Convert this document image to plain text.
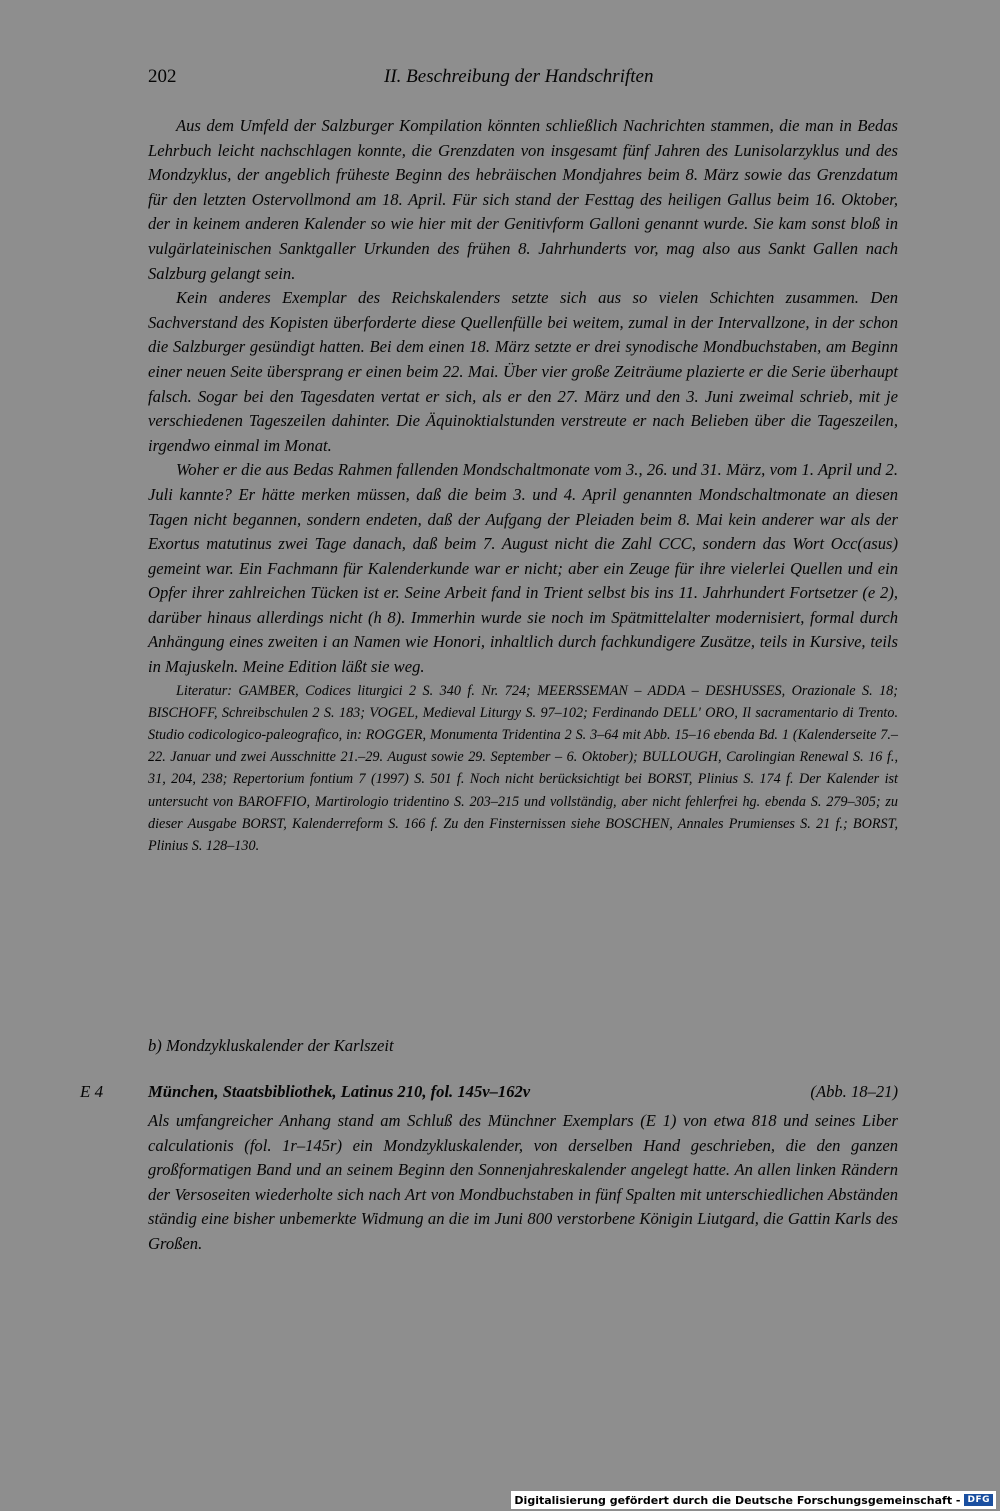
202	II. Beschreibung der Handschriften

Aus dem Umfeld der Salzburger Kompilation könnten schließlich Nachrichten stammen, die man in Bedas Lehrbuch leicht nachschlagen konnte, die Grenzdaten von insgesamt fünf Jahren des Lunisolarzyklus und des Mondzyklus, der angeblich früheste Beginn des hebräischen Mondjahres beim 8. März sowie das Grenzdatum für den letzten Ostervollmond am 18. April. Für sich stand der Festtag des heiligen Gallus beim 16. Oktober, der in keinem anderen Kalender so wie hier mit der Genitivform Galloni genannt wurde. Sie kam sonst bloß in vulgärlateinischen Sanktgaller Urkunden des frühen 8. Jahrhunderts vor, mag also aus Sankt Gallen nach Salzburg gelangt sein.

Kein anderes Exemplar des Reichskalenders setzte sich aus so vielen Schichten zusammen. Den Sachverstand des Kopisten überforderte diese Quellenfülle bei weitem, zumal in der Intervallzone, in der schon die Salzburger gesündigt hatten. Bei dem einen 18. März setzte er drei synodische Mondbuchstaben, am Beginn einer neuen Seite übersprang er einen beim 22. Mai. Über vier große Zeiträume plazierte er die Serie überhaupt falsch. Sogar bei den Tagesdaten vertat er sich, als er den 27. März und den 3. Juni zweimal schrieb, mit je verschiedenen Tageszeilen dahinter. Die Äquinoktialstunden verstreute er nach Belieben über die Tageszeilen, irgendwo einmal im Monat.

Woher er die aus Bedas Rahmen fallenden Mondschaltmonate vom 3., 26. und 31. März, vom 1. April und 2. Juli kannte? Er hätte merken müssen, daß die beim 3. und 4. April genannten Mondschaltmonate an diesen Tagen nicht begannen, sondern endeten, daß der Aufgang der Pleiaden beim 8. Mai kein anderer war als der Exortus matutinus zwei Tage danach, daß beim 7. August nicht die Zahl CCC, sondern das Wort Occ(asus) gemeint war. Ein Fachmann für Kalenderkunde war er nicht; aber ein Zeuge für ihre vielerlei Quellen und ein Opfer ihrer zahlreichen Tücken ist er. Seine Arbeit fand in Trient selbst bis ins 11. Jahrhundert Fortsetzer (e 2), darüber hinaus allerdings nicht (h 8). Immerhin wurde sie noch im Spätmittelalter modernisiert, formal durch Anhängung eines zweiten i an Namen wie Honori, inhaltlich durch fachkundigere Zusätze, teils in Kursive, teils in Majuskeln. Meine Edition läßt sie weg.

Literatur: GAMBER, Codices liturgici 2 S. 340 f. Nr. 724; MEERSSEMAN – ADDA – DESHUSSES, Orazionale S. 18; BISCHOFF, Schreibschulen 2 S. 183; VOGEL, Medieval Liturgy S. 97–102; Ferdinando DELL' ORO, Il sacramentario di Trento. Studio codicologico-paleografico, in: ROGGER, Monumenta Tridentina 2 S. 3–64 mit Abb. 15–16 ebenda Bd. 1 (Kalenderseite 7.–22. Januar und zwei Ausschnitte 21.–29. August sowie 29. September – 6. Oktober); BULLOUGH, Carolingian Renewal S. 16 f., 31, 204, 238; Repertorium fontium 7 (1997) S. 501 f. Noch nicht berücksichtigt bei BORST, Plinius S. 174 f. Der Kalender ist untersucht von BAROFFIO, Martirologio tridentino S. 203–215 und vollständig, aber nicht fehlerfrei hg. ebenda S. 279–305; zu dieser Ausgabe BORST, Kalenderreform S. 166 f. Zu den Finsternissen siehe BOSCHEN, Annales Prumienses S. 21 f.; BORST, Plinius S. 128–130.

b) Mondzykluskalender der Karlszeit
E 4	München, Staatsbibliothek, Latinus 210, fol. 145v–162v	(Abb. 18–21)

Als umfangreicher Anhang stand am Schluß des Münchner Exemplars (E 1) von etwa 818 und seines Liber calculationis (fol. 1r–145r) ein Mondzykluskalender, von derselben Hand geschrieben, die den ganzen großformatigen Band und an seinem Beginn den Sonnenjahreskalender angelegt hatte. An allen linken Rändern der Versoseiten wiederholte sich nach Art von Mondbuchstaben in fünf Spalten mit unterschiedlichen Abständen ständig eine bisher unbemerkte Widmung an die im Juni 800 verstorbene Königin Liutgard, die Gattin Karls des Großen.

Digitalisierung gefördert durch die Deutsche Forschungsgemeinschaft - DFG
